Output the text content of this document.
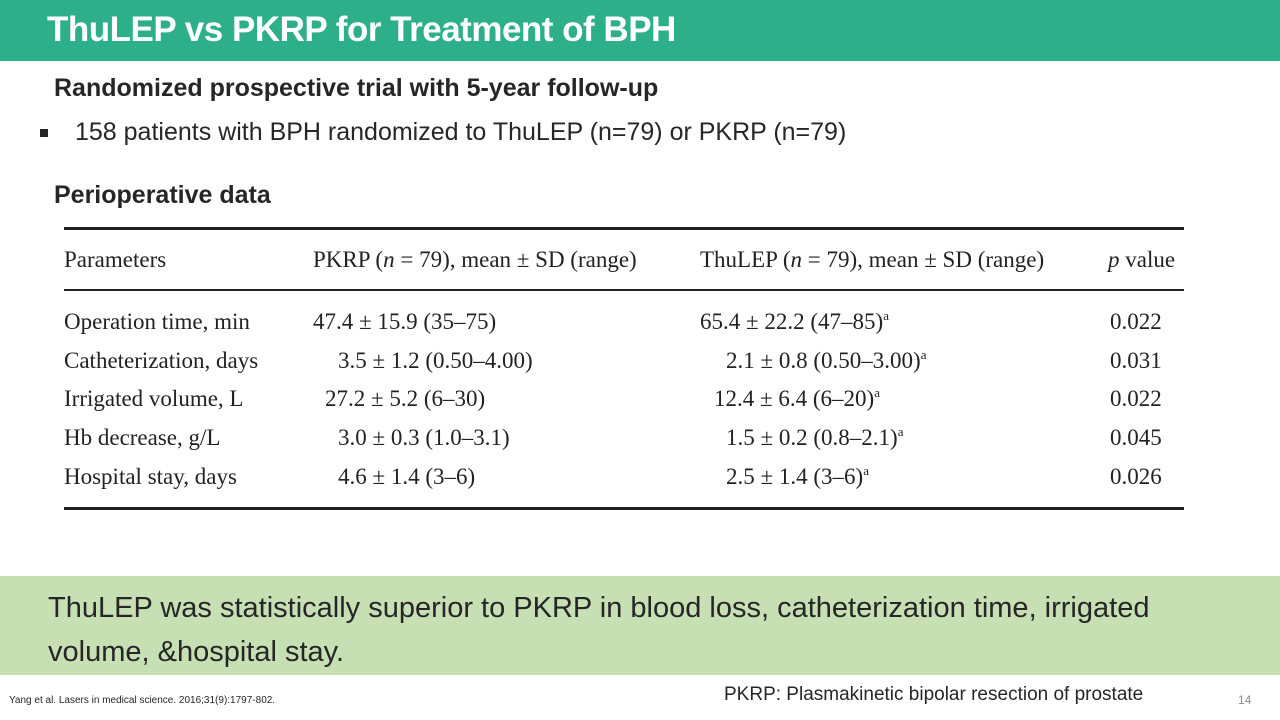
ThuLEP vs PKRP for Treatment of BPH
Randomized prospective trial with 5-year follow-up
158 patients with BPH randomized to ThuLEP (n=79) or PKRP (n=79)
Perioperative data
Parameters	PKRP (n = 79), mean ± SD (range)	ThuLEP (n = 79), mean ± SD (range)	p value
Operation time, min	47.4 ± 15.9 (35–75)	65.4 ± 22.2 $(47-85)^a$	0.022
Catheterization, days	3.5 ± 1.2 (0.50–4.00)	2.1 ± 0.8 $(0.50-3.00)^a$	0.031
Irrigated volume, L	27.2 ± 5.2 (6–30)	12.4 ± 6.4 $(6-20)^a$	0.022
Hb decrease, g/L	3.0 ± 0.3 (1.0–3.1)	1.5 ± 0.2 $(0.8-2.1)^a$	0.045
Hospital stay, days	4.6 ± 1.4 (3–6)	2.5 ± 1.4 $(3-6)^a$	0.026
ThuLEP was statistically superior to PKRP in blood loss, catheterization time, irrigated volume, &hospital stay.
Yang et al. Lasers in medical science. 2016;31(9):1797-802.	PKRP: Plasmakinetic bipolar resection of prostate	14
